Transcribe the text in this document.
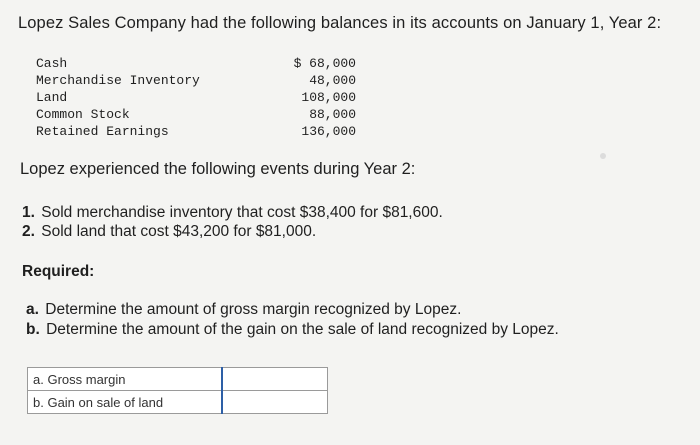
Lopez Sales Company had the following balances in its accounts on January 1, Year 2:
Cash	$ 68,000
Merchandise Inventory	48,000
Land	108,000
Common Stock	88,000
Retained Earnings	136,000
Lopez experienced the following events during Year 2:
1. Sold merchandise inventory that cost $38,400 for $81,600.
2. Sold land that cost $43,200 for $81,000.
Required:
a. Determine the amount of gross margin recognized by Lopez.
b. Determine the amount of the gain on the sale of land recognized by Lopez.
a. Gross margin	
b. Gain on sale of land	
